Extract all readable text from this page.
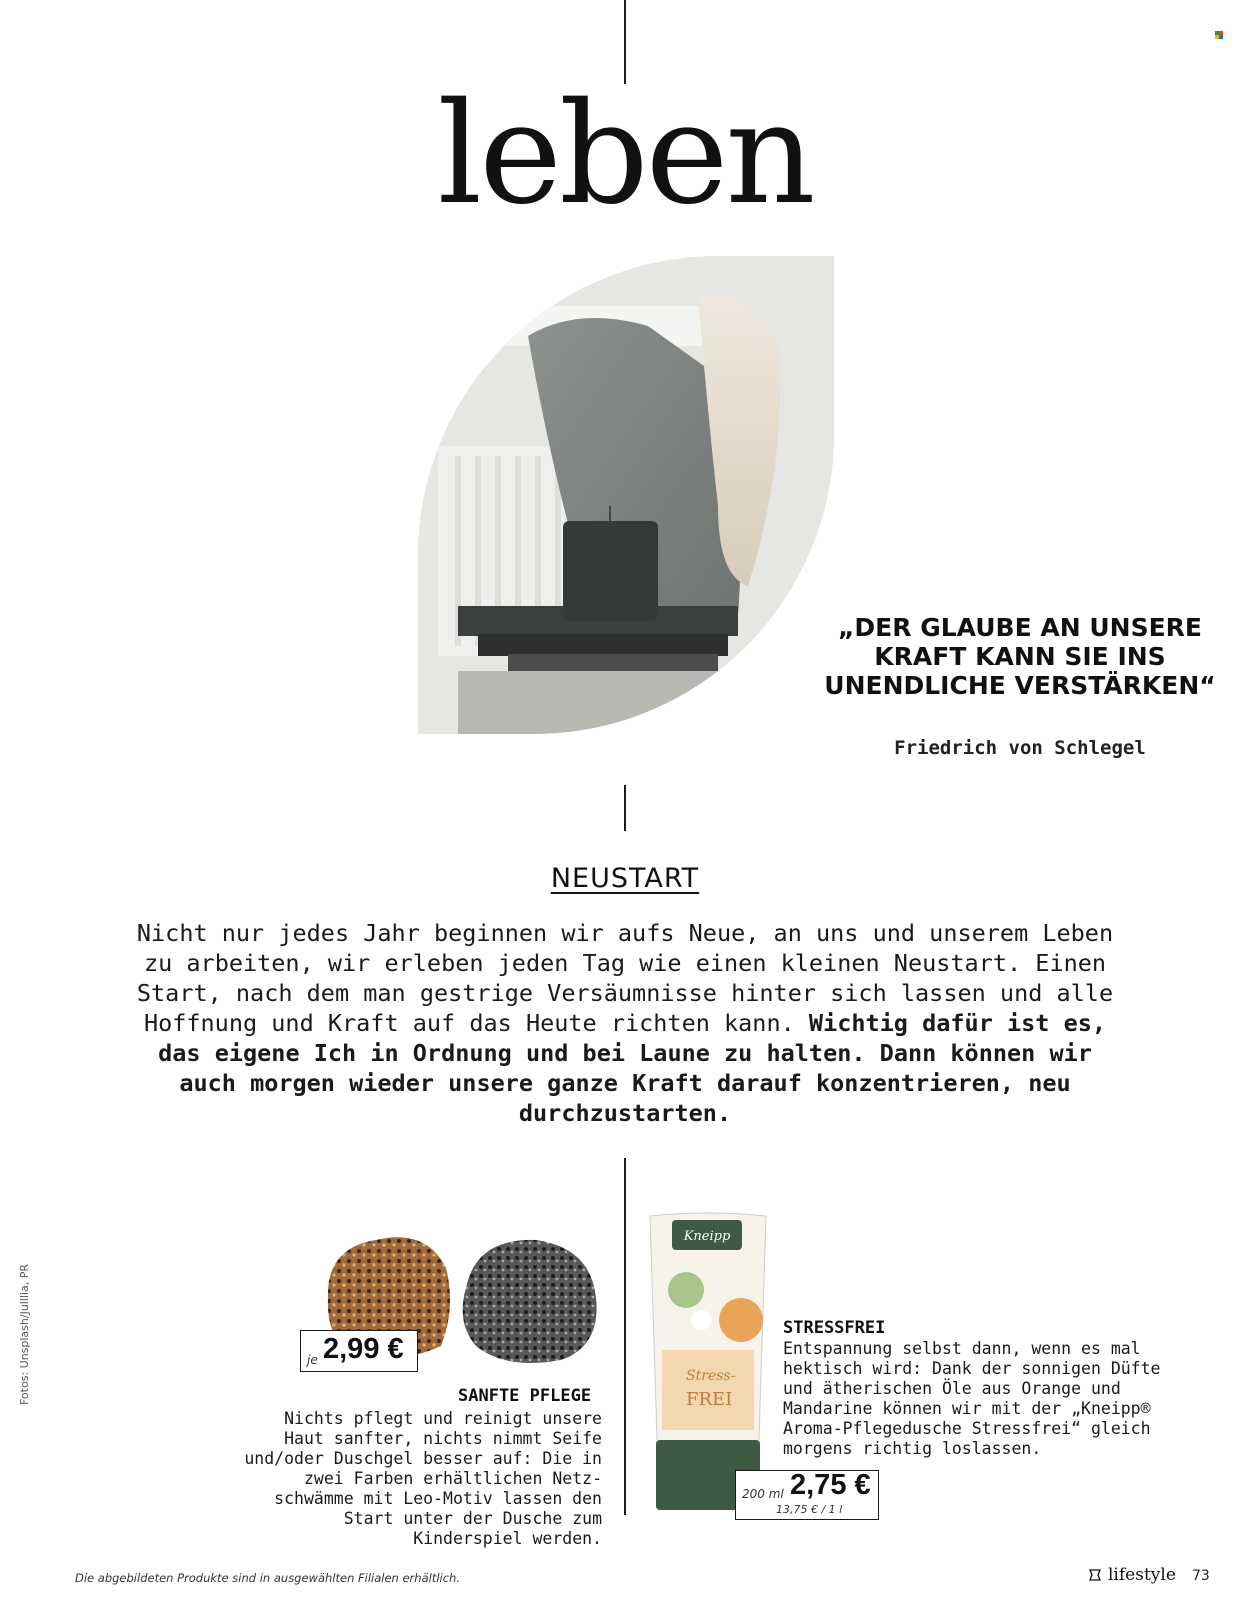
leben
„DER GLAUBE AN UNSERE KRAFT KANN SIE INS UNENDLICHE VERSTÄRKEN“
Friedrich von Schlegel
NEUSTART
Nicht nur jedes Jahr beginnen wir aufs Neue, an uns und unserem Leben zu arbeiten, wir erleben jeden Tag wie einen kleinen Neustart. Einen Start, nach dem man gestrige Versäumnisse hinter sich lassen und alle Hoffnung und Kraft auf das Heute richten kann. Wichtig dafür ist es, das eigene Ich in Ordnung und bei Laune zu halten. Dann können wir auch morgen wieder unsere ganze Kraft darauf konzentrieren, neu durchzustarten.
je 2,99 €
SANFTE PFLEGE
Nichts pflegt und reinigt unsere Haut sanfter, nichts nimmt Seife und/oder Duschgel besser auf: Die in zwei Farben erhältlichen Netz-schwämme mit Leo-Motiv lassen den Start unter der Dusche zum Kinderspiel werden.
Kneipp
Stress-
FREI
200 ml 2,75 €
13,75 € / 1 l
STRESSFREI
Entspannung selbst dann, wenn es mal hektisch wird: Dank der sonnigen Düfte und ätherischen Öle aus Orange und Mandarine können wir mit der „Kneipp® Aroma-Pflegedusche Stressfrei“ gleich morgens richtig loslassen.
Fotos: Unsplash/Julllia, PR
Die abgebildeten Produkte sind in ausgewählten Filialen erhältlich.	lifestyle 73
